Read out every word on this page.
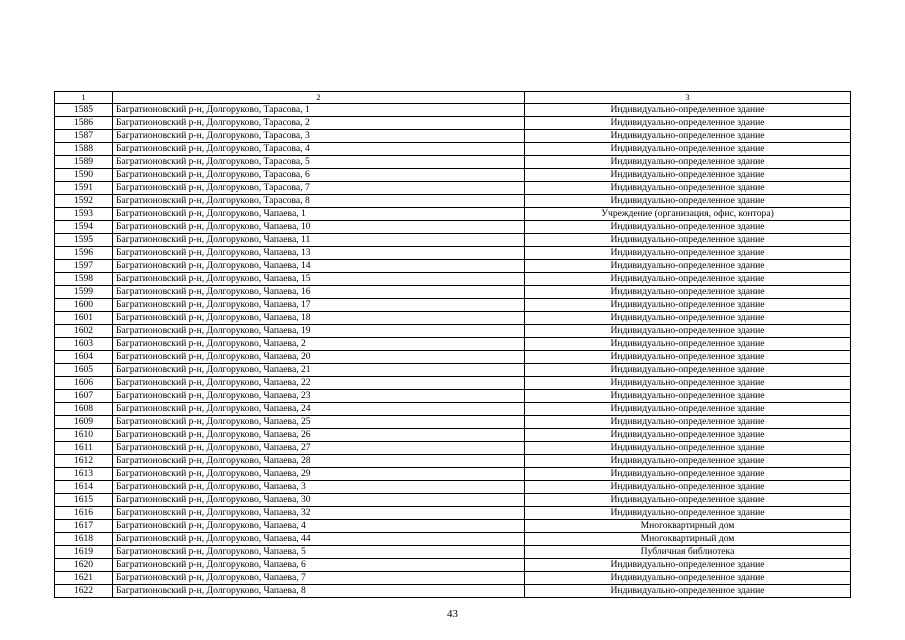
1	2	3
1585	Багратионовский р-н, Долгоруково, Тарасова, 1	Индивидуально-определенное здание
1586	Багратионовский р-н, Долгоруково, Тарасова, 2	Индивидуально-определенное здание
1587	Багратионовский р-н, Долгоруково, Тарасова, 3	Индивидуально-определенное здание
1588	Багратионовский р-н, Долгоруково, Тарасова, 4	Индивидуально-определенное здание
1589	Багратионовский р-н, Долгоруково, Тарасова, 5	Индивидуально-определенное здание
1590	Багратионовский р-н, Долгоруково, Тарасова, 6	Индивидуально-определенное здание
1591	Багратионовский р-н, Долгоруково, Тарасова, 7	Индивидуально-определенное здание
1592	Багратионовский р-н, Долгоруково, Тарасова, 8	Индивидуально-определенное здание
1593	Багратионовский р-н, Долгоруково, Чапаева, 1	Учреждение (организация, офис, контора)
1594	Багратионовский р-н, Долгоруково, Чапаева, 10	Индивидуально-определенное здание
1595	Багратионовский р-н, Долгоруково, Чапаева, 11	Индивидуально-определенное здание
1596	Багратионовский р-н, Долгоруково, Чапаева, 13	Индивидуально-определенное здание
1597	Багратионовский р-н, Долгоруково, Чапаева, 14	Индивидуально-определенное здание
1598	Багратионовский р-н, Долгоруково, Чапаева, 15	Индивидуально-определенное здание
1599	Багратионовский р-н, Долгоруково, Чапаева, 16	Индивидуально-определенное здание
1600	Багратионовский р-н, Долгоруково, Чапаева, 17	Индивидуально-определенное здание
1601	Багратионовский р-н, Долгоруково, Чапаева, 18	Индивидуально-определенное здание
1602	Багратионовский р-н, Долгоруково, Чапаева, 19	Индивидуально-определенное здание
1603	Багратионовский р-н, Долгоруково, Чапаева, 2	Индивидуально-определенное здание
1604	Багратионовский р-н, Долгоруково, Чапаева, 20	Индивидуально-определенное здание
1605	Багратионовский р-н, Долгоруково, Чапаева, 21	Индивидуально-определенное здание
1606	Багратионовский р-н, Долгоруково, Чапаева, 22	Индивидуально-определенное здание
1607	Багратионовский р-н, Долгоруково, Чапаева, 23	Индивидуально-определенное здание
1608	Багратионовский р-н, Долгоруково, Чапаева, 24	Индивидуально-определенное здание
1609	Багратионовский р-н, Долгоруково, Чапаева, 25	Индивидуально-определенное здание
1610	Багратионовский р-н, Долгоруково, Чапаева, 26	Индивидуально-определенное здание
1611	Багратионовский р-н, Долгоруково, Чапаева, 27	Индивидуально-определенное здание
1612	Багратионовский р-н, Долгоруково, Чапаева, 28	Индивидуально-определенное здание
1613	Багратионовский р-н, Долгоруково, Чапаева, 29	Индивидуально-определенное здание
1614	Багратионовский р-н, Долгоруково, Чапаева, 3	Индивидуально-определенное здание
1615	Багратионовский р-н, Долгоруково, Чапаева, 30	Индивидуально-определенное здание
1616	Багратионовский р-н, Долгоруково, Чапаева, 32	Индивидуально-определенное здание
1617	Багратионовский р-н, Долгоруково, Чапаева, 4	Многоквартирный дом
1618	Багратионовский р-н, Долгоруково, Чапаева, 44	Многоквартирный дом
1619	Багратионовский р-н, Долгоруково, Чапаева, 5	Публичная библиотека
1620	Багратионовский р-н, Долгоруково, Чапаева, 6	Индивидуально-определенное здание
1621	Багратионовский р-н, Долгоруково, Чапаева, 7	Индивидуально-определенное здание
1622	Багратионовский р-н, Долгоруково, Чапаева, 8	Индивидуально-определенное здание
43
